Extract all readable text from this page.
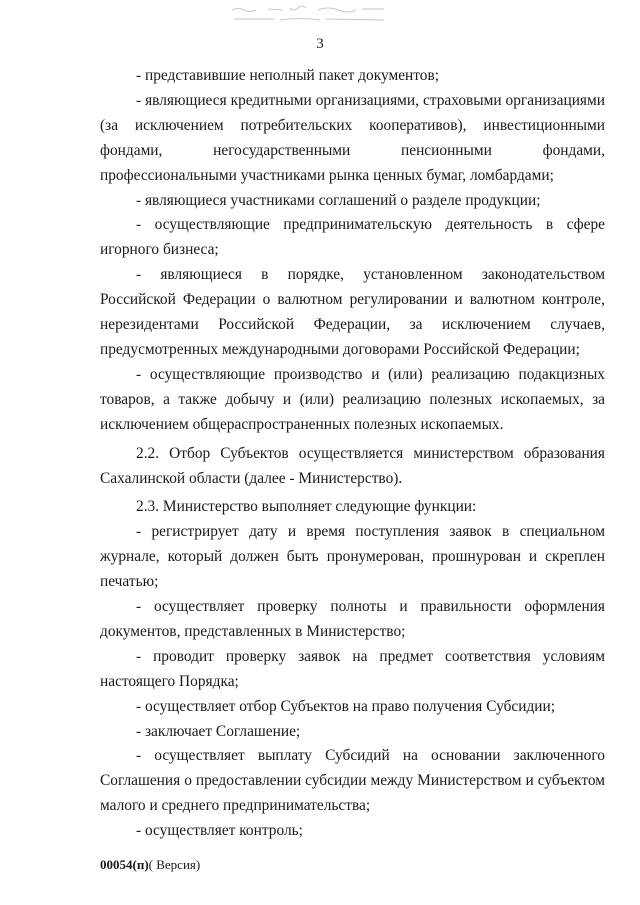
3

- представившие неполный пакет документов;

- являющиеся кредитными организациями, страховыми организациями (за исключением потребительских кооперативов), инвестиционными фондами, негосударственными пенсионными фондами, профессиональными участниками рынка ценных бумаг, ломбардами;

- являющиеся участниками соглашений о разделе продукции;

- осуществляющие предпринимательскую деятельность в сфере игорного бизнеса;

- являющиеся в порядке, установленном законодательством Российской Федерации о валютном регулировании и валютном контроле, нерезидентами Российской Федерации, за исключением случаев, предусмотренных международными договорами Российской Федерации;

- осуществляющие производство и (или) реализацию подакцизных товаров, а также добычу и (или) реализацию полезных ископаемых, за исключением общераспространенных полезных ископаемых.

2.2. Отбор Субъектов осуществляется министерством образования Сахалинской области (далее - Министерство).

2.3. Министерство выполняет следующие функции:

- регистрирует дату и время поступления заявок в специальном журнале, который должен быть пронумерован, прошнурован и скреплен печатью;

- осуществляет проверку полноты и правильности оформления документов, представленных в Министерство;

- проводит проверку заявок на предмет соответствия условиям настоящего Порядка;

- осуществляет отбор Субъектов на право получения Субсидии;

- заключает Соглашение;

- осуществляет выплату Субсидий на основании заключенного Соглашения о предоставлении субсидии между Министерством и субъектом малого и среднего предпринимательства;

- осуществляет контроль;

00054(п)( Версия)
